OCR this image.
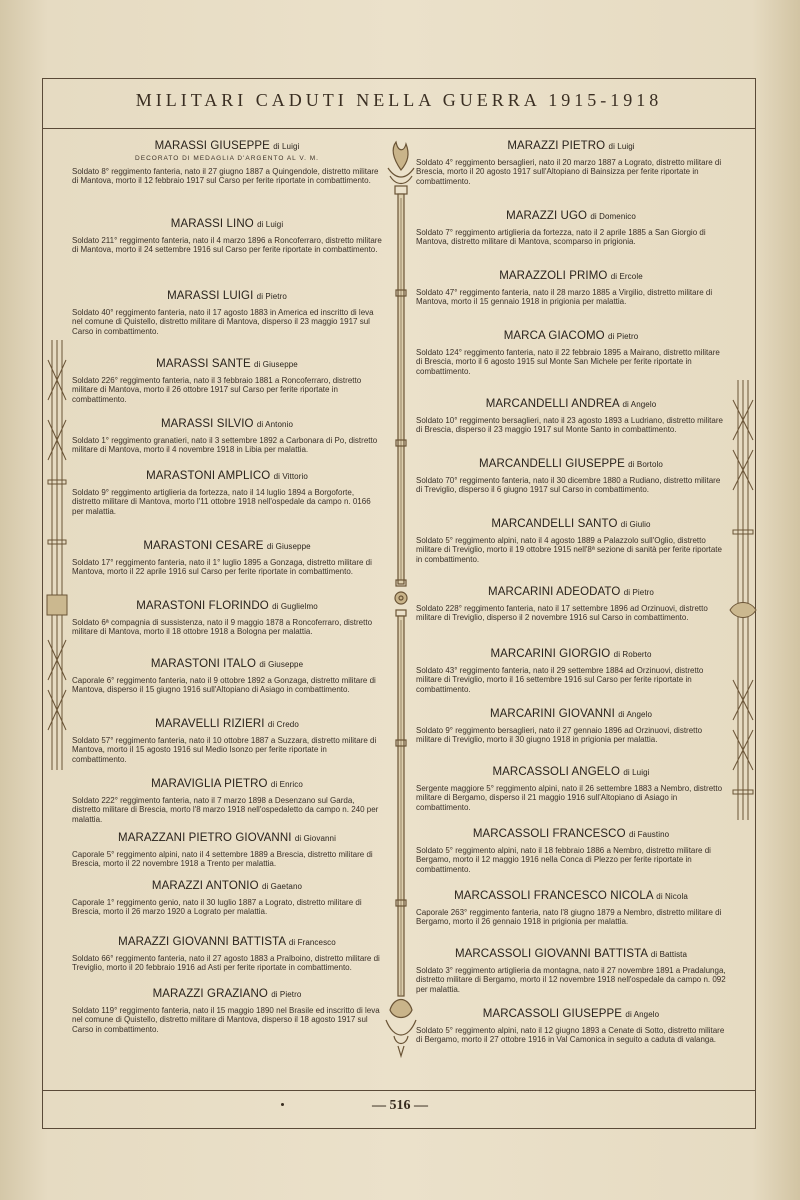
MILITARI CADUTI NELLA GUERRA 1915-1918
MARASSI GIUSEPPE di Luigi
DECORATO DI MEDAGLIA D'ARGENTO AL V. M.
Soldato 8° reggimento fanteria, nato il 27 giugno 1887 a Quingendole, distretto militare di Mantova, morto il 12 febbraio 1917 sul Carso per ferite riportate in combattimento.
MARASSI LINO di Luigi
Soldato 211° reggimento fanteria, nato il 4 marzo 1896 a Roncoferraro, distretto militare di Mantova, morto il 24 settembre 1916 sul Carso per ferite riportate in combattimento.
MARASSI LUIGI di Pietro
Soldato 40° reggimento fanteria, nato il 17 agosto 1883 in America ed inscritto di leva nel comune di Quistello, distretto militare di Mantova, disperso il 23 maggio 1917 sul Carso in combattimento.
MARASSI SANTE di Giuseppe
Soldato 226° reggimento fanteria, nato il 3 febbraio 1881 a Roncoferraro, distretto militare di Mantova, morto il 26 ottobre 1917 sul Carso per ferite riportate in combattimento.
MARASSI SILVIO di Antonio
Soldato 1° reggimento granatieri, nato il 3 settembre 1892 a Carbonara di Po, distretto militare di Mantova, morto il 4 novembre 1918 in Libia per malattia.
MARASTONI AMPLICO di Vittorio
Soldato 9° reggimento artiglieria da fortezza, nato il 14 luglio 1894 a Borgoforte, distretto militare di Mantova, morto l'11 ottobre 1918 nell'ospedale da campo n. 0166 per malattia.
MARASTONI CESARE di Giuseppe
Soldato 17° reggimento fanteria, nato il 1° luglio 1895 a Gonzaga, distretto militare di Mantova, morto il 22 aprile 1916 sul Carso per ferite riportate in combattimento.
MARASTONI FLORINDO di Guglielmo
Soldato 6ª compagnia di sussistenza, nato il 9 maggio 1878 a Roncoferraro, distretto militare di Mantova, morto il 18 ottobre 1918 a Bologna per malattia.
MARASTONI ITALO di Giuseppe
Caporale 6° reggimento fanteria, nato il 9 ottobre 1892 a Gonzaga, distretto militare di Mantova, disperso il 15 giugno 1916 sull'Altopiano di Asiago in combattimento.
MARAVELLI RIZIERI di Credo
Soldato 57° reggimento fanteria, nato il 10 ottobre 1887 a Suzzara, distretto militare di Mantova, morto il 15 agosto 1916 sul Medio Isonzo per ferite riportate in combattimento.
MARAVIGLIA PIETRO di Enrico
Soldato 222° reggimento fanteria, nato il 7 marzo 1898 a Desenzano sul Garda, distretto militare di Brescia, morto l'8 marzo 1918 nell'ospedaletto da campo n. 240 per malattia.
MARAZZANI PIETRO GIOVANNI di Giovanni
Caporale 5° reggimento alpini, nato il 4 settembre 1889 a Brescia, distretto militare di Brescia, morto il 22 novembre 1918 a Trento per malattia.
MARAZZI ANTONIO di Gaetano
Caporale 1° reggimento genio, nato il 30 luglio 1887 a Lograto, distretto militare di Brescia, morto il 26 marzo 1920 a Lograto per malattia.
MARAZZI GIOVANNI BATTISTA di Francesco
Soldato 66° reggimento fanteria, nato il 27 agosto 1883 a Pralboino, distretto militare di Treviglio, morto il 20 febbraio 1916 ad Asti per ferite riportate in combattimento.
MARAZZI GRAZIANO di Pietro
Soldato 119° reggimento fanteria, nato il 15 maggio 1890 nel Brasile ed inscritto di leva nel comune di Quistello, distretto militare di Mantova, disperso il 18 agosto 1917 sul Carso in combattimento.
MARAZZI PIETRO di Luigi
Soldato 4° reggimento bersaglieri, nato il 20 marzo 1887 a Lograto, distretto militare di Brescia, morto il 20 agosto 1917 sull'Altopiano di Bainsizza per ferite riportate in combattimento.
MARAZZI UGO di Domenico
Soldato 7° reggimento artiglieria da fortezza, nato il 2 aprile 1885 a San Giorgio di Mantova, distretto militare di Mantova, scomparso in prigionia.
MARAZZOLI PRIMO di Ercole
Soldato 47° reggimento fanteria, nato il 28 marzo 1885 a Virgilio, distretto militare di Mantova, morto il 15 gennaio 1918 in prigionia per malattia.
MARCA GIACOMO di Pietro
Soldato 124° reggimento fanteria, nato il 22 febbraio 1895 a Mairano, distretto militare di Brescia, morto il 6 agosto 1915 sul Monte San Michele per ferite riportate in combattimento.
MARCANDELLI ANDREA di Angelo
Soldato 10° reggimento bersaglieri, nato il 23 agosto 1893 a Ludriano, distretto militare di Brescia, disperso il 23 maggio 1917 sul Monte Santo in combattimento.
MARCANDELLI GIUSEPPE di Bortolo
Soldato 70° reggimento fanteria, nato il 30 dicembre 1880 a Rudiano, distretto militare di Treviglio, disperso il 6 giugno 1917 sul Carso in combattimento.
MARCANDELLI SANTO di Giulio
Soldato 5° reggimento alpini, nato il 4 agosto 1889 a Palazzolo sull'Oglio, distretto militare di Treviglio, morto il 19 ottobre 1915 nell'8ª sezione di sanità per ferite riportate in combattimento.
MARCARINI ADEODATO di Pietro
Soldato 228° reggimento fanteria, nato il 17 settembre 1896 ad Orzinuovi, distretto militare di Treviglio, disperso il 2 novembre 1916 sul Carso in combattimento.
MARCARINI GIORGIO di Roberto
Soldato 43° reggimento fanteria, nato il 29 settembre 1884 ad Orzinuovi, distretto militare di Treviglio, morto il 16 settembre 1916 sul Carso per ferite riportate in combattimento.
MARCARINI GIOVANNI di Angelo
Soldato 9° reggimento bersaglieri, nato il 27 gennaio 1896 ad Orzinuovi, distretto militare di Treviglio, morto il 30 giugno 1918 in prigionia per malattia.
MARCASSOLI ANGELO di Luigi
Sergente maggiore 5° reggimento alpini, nato il 26 settembre 1883 a Nembro, distretto militare di Bergamo, disperso il 21 maggio 1916 sull'Altopiano di Asiago in combattimento.
MARCASSOLI FRANCESCO di Faustino
Soldato 5° reggimento alpini, nato il 18 febbraio 1886 a Nembro, distretto militare di Bergamo, morto il 12 maggio 1916 nella Conca di Plezzo per ferite riportate in combattimento.
MARCASSOLI FRANCESCO NICOLA di Nicola
Caporale 263° reggimento fanteria, nato l'8 giugno 1879 a Nembro, distretto militare di Bergamo, morto il 26 gennaio 1918 in prigionia per malattia.
MARCASSOLI GIOVANNI BATTISTA di Battista
Soldato 3° reggimento artiglieria da montagna, nato il 27 novembre 1891 a Pradalunga, distretto militare di Bergamo, morto il 12 novembre 1918 nell'ospedale da campo n. 092 per malattia.
MARCASSOLI GIUSEPPE di Angelo
Soldato 5° reggimento alpini, nato il 12 giugno 1893 a Cenate di Sotto, distretto militare di Bergamo, morto il 27 ottobre 1916 in Val Camonica in seguito a caduta di valanga.
— 516 —
